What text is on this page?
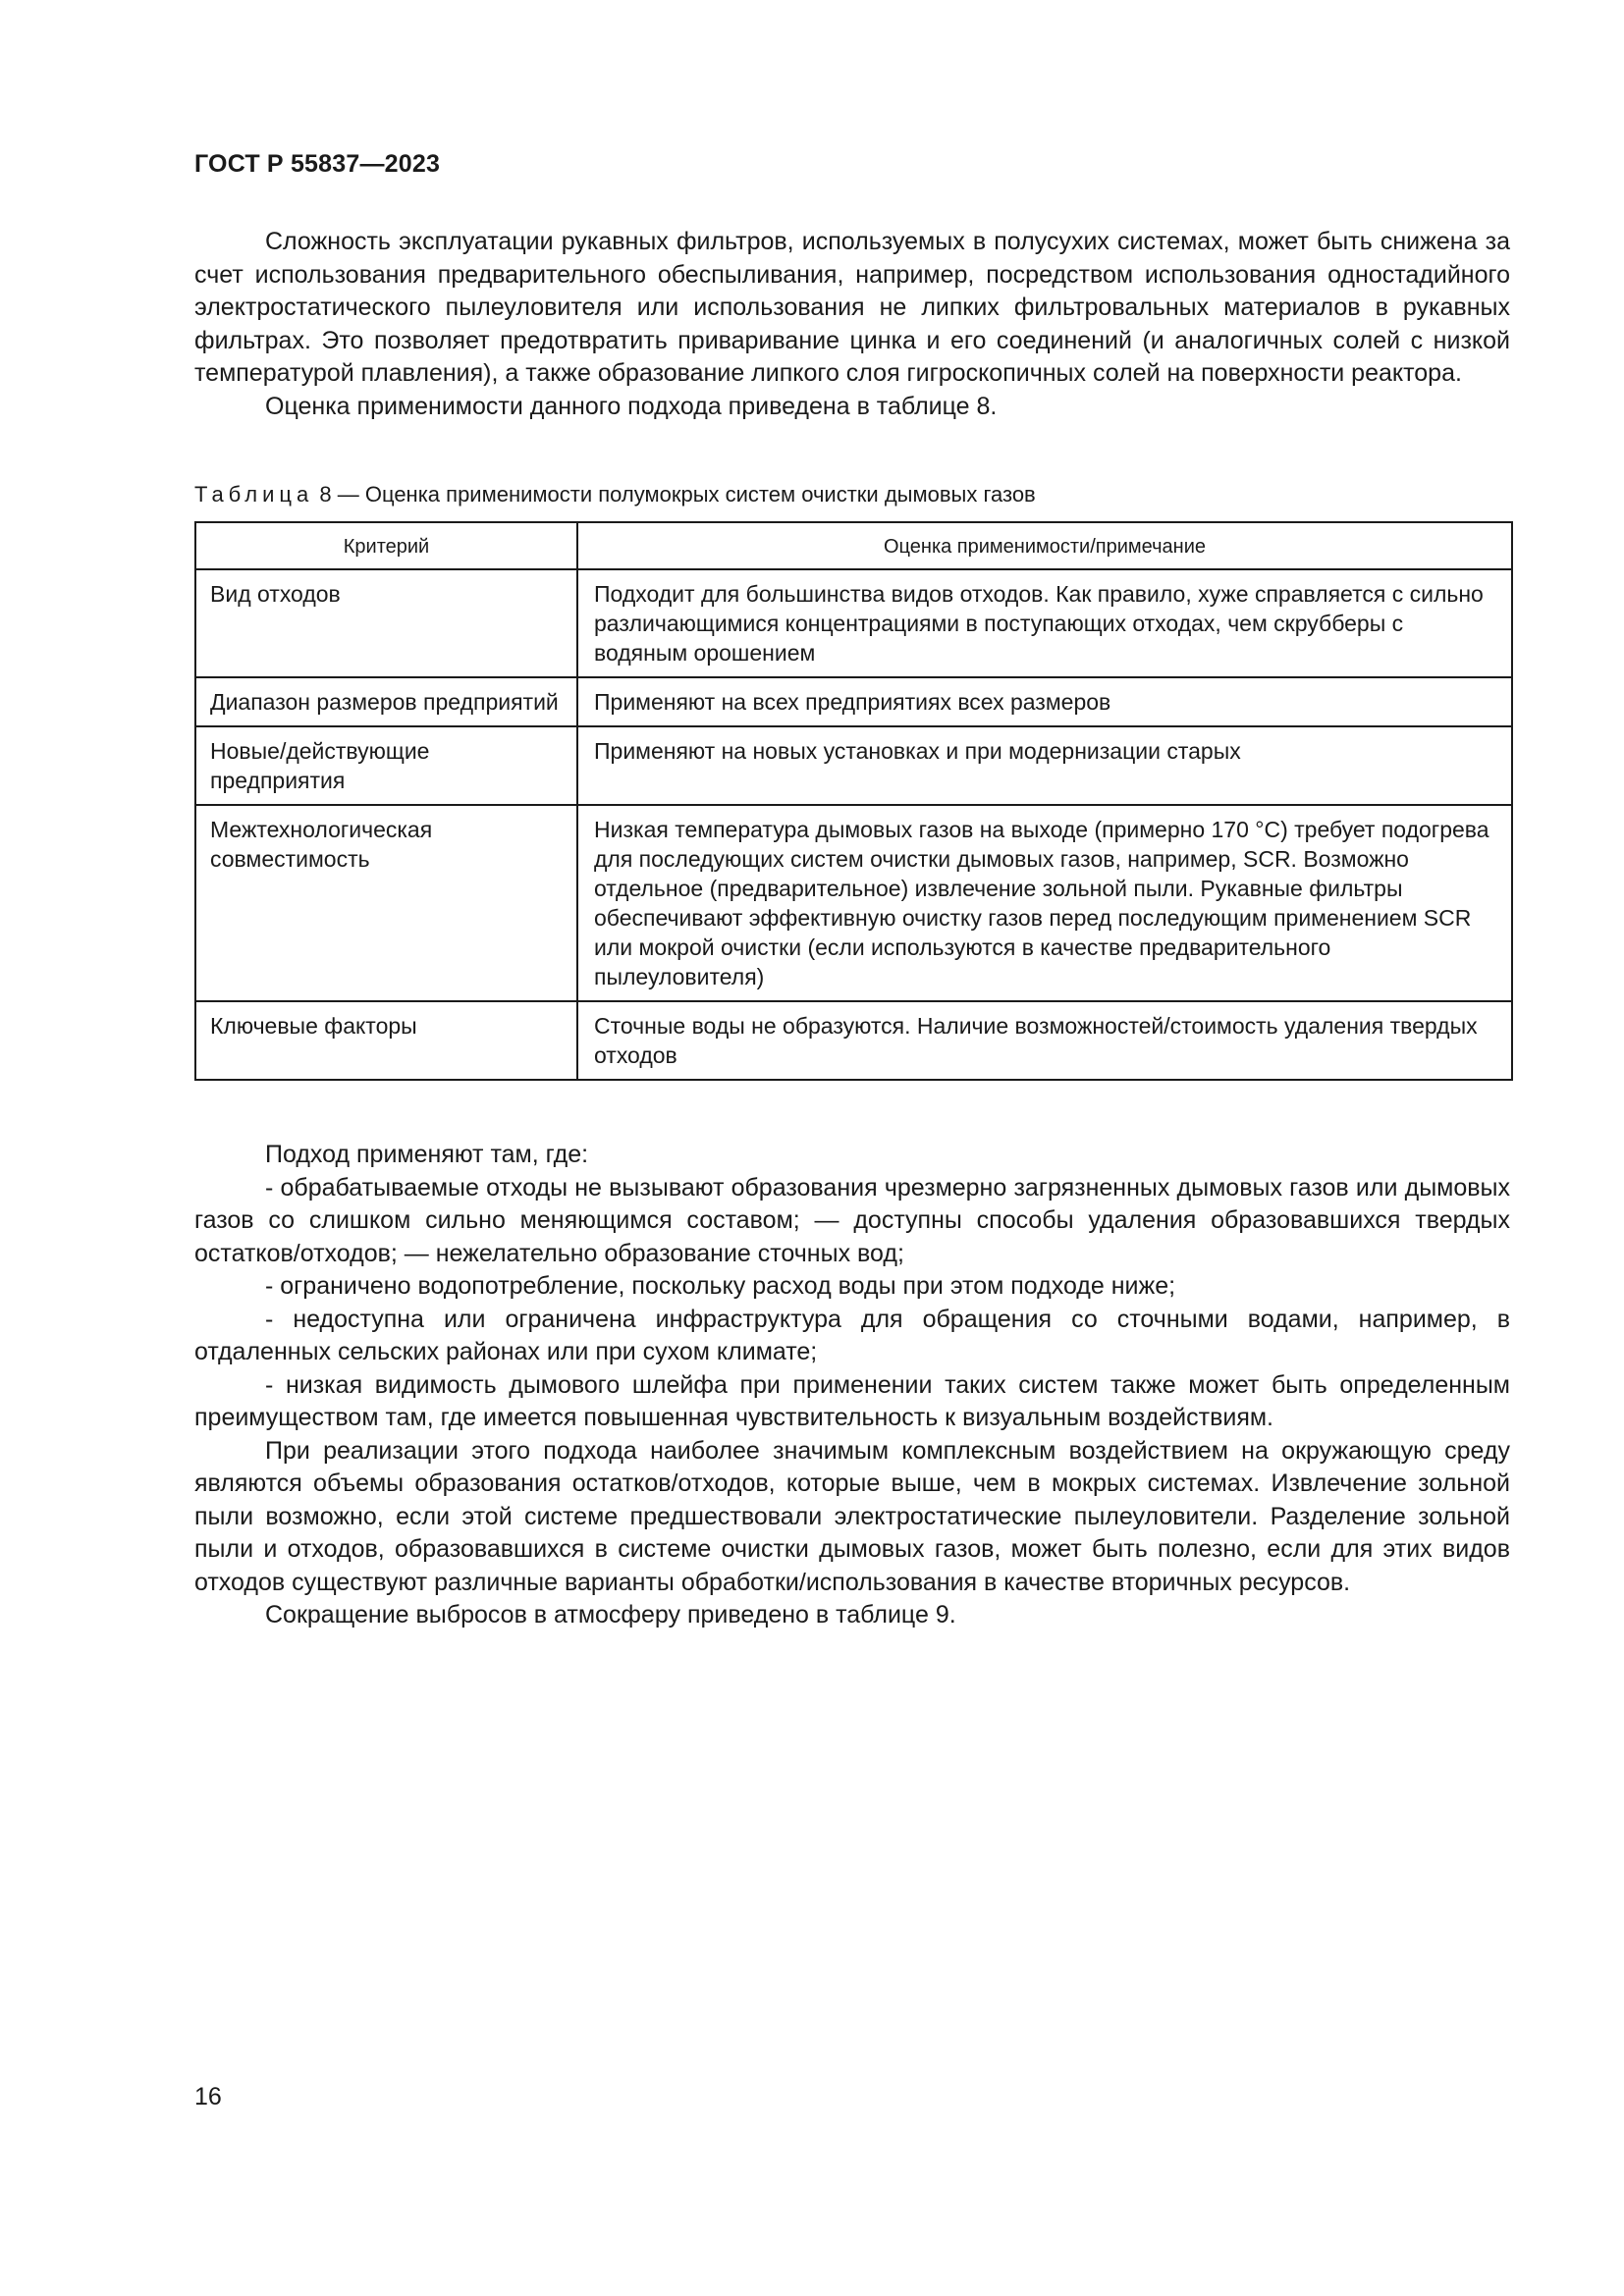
ГОСТ Р 55837—2023

Сложность эксплуатации рукавных фильтров, используемых в полусухих системах, может быть снижена за счет использования предварительного обеспыливания, например, посредством использования одностадийного электростатического пылеуловителя или использования не липких фильтровальных материалов в рукавных фильтрах. Это позволяет предотвратить приваривание цинка и его соединений (и аналогичных солей с низкой температурой плавления), а также образование липкого слоя гигроскопичных солей на поверхности реактора.

Оценка применимости данного подхода приведена в таблице 8.

Таблица 8 — Оценка применимости полумокрых систем очистки дымовых газов
Критерий	Оценка применимости/примечание
Вид отходов	Подходит для большинства видов отходов. Как правило, хуже справляется с сильно различающимися концентрациями в поступающих отходах, чем скрубберы с водяным орошением
Диапазон размеров предприятий	Применяют на всех предприятиях всех размеров
Новые/действующие предприятия	Применяют на новых установках и при модернизации старых
Межтехнологическая совместимость	Низкая температура дымовых газов на выходе (примерно 170 °С) требует подогрева для последующих систем очистки дымовых газов, например, SCR. Возможно отдельное (предварительное) извлечение зольной пыли. Рукавные фильтры обеспечивают эффективную очистку газов перед последующим применением SCR или мокрой очистки (если используются в качестве предварительного пылеуловителя)
Ключевые факторы	Сточные воды не образуются. Наличие возможностей/стоимость удаления твердых отходов

Подход применяют там, где:

- обрабатываемые отходы не вызывают образования чрезмерно загрязненных дымовых газов или дымовых газов со слишком сильно меняющимся составом; — доступны способы удаления образовавшихся твердых остатков/отходов; — нежелательно образование сточных вод;

- ограничено водопотребление, поскольку расход воды при этом подходе ниже;

- недоступна или ограничена инфраструктура для обращения со сточными водами, например, в отдаленных сельских районах или при сухом климате;

- низкая видимость дымового шлейфа при применении таких систем также может быть определенным преимуществом там, где имеется повышенная чувствительность к визуальным воздействиям.

При реализации этого подхода наиболее значимым комплексным воздействием на окружающую среду являются объемы образования остатков/отходов, которые выше, чем в мокрых системах. Извлечение зольной пыли возможно, если этой системе предшествовали электростатические пылеуловители. Разделение зольной пыли и отходов, образовавшихся в системе очистки дымовых газов, может быть полезно, если для этих видов отходов существуют различные варианты обработки/использования в качестве вторичных ресурсов.

Сокращение выбросов в атмосферу приведено в таблице 9.

16
